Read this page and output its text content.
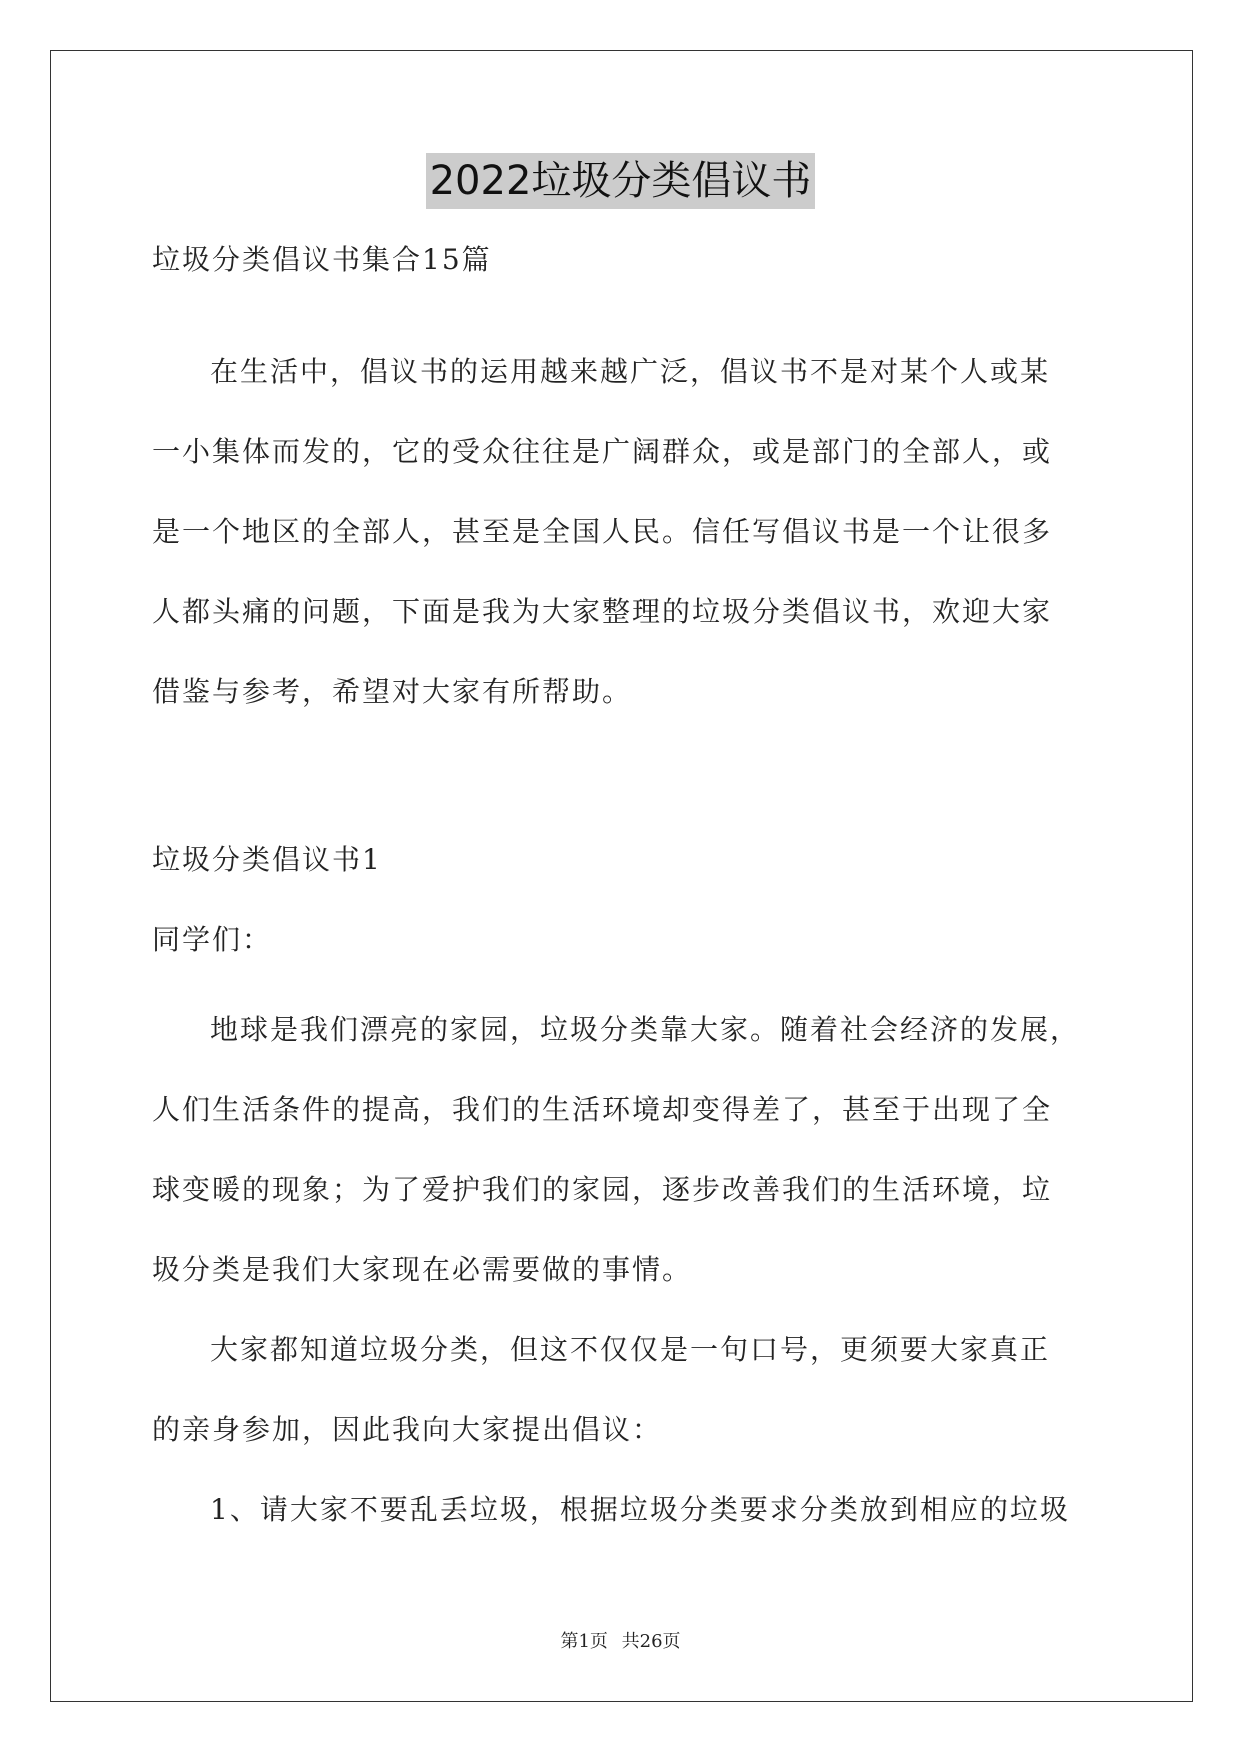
2022垃圾分类倡议书
垃圾分类倡议书集合15篇
在生活中，倡议书的运用越来越广泛，倡议书不是对某个人或某
一小集体而发的，它的受众往往是广阔群众，或是部门的全部人，或
是一个地区的全部人，甚至是全国人民。信任写倡议书是一个让很多
人都头痛的问题，下面是我为大家整理的垃圾分类倡议书，欢迎大家
借鉴与参考，希望对大家有所帮助。
垃圾分类倡议书1
同学们：
地球是我们漂亮的家园，垃圾分类靠大家。随着社会经济的发展，
人们生活条件的提高，我们的生活环境却变得差了，甚至于出现了全
球变暖的现象；为了爱护我们的家园，逐步改善我们的生活环境，垃
圾分类是我们大家现在必需要做的事情。
大家都知道垃圾分类，但这不仅仅是一句口号，更须要大家真正
的亲身参加，因此我向大家提出倡议：
1、请大家不要乱丢垃圾，根据垃圾分类要求分类放到相应的垃圾
第1页 共26页
